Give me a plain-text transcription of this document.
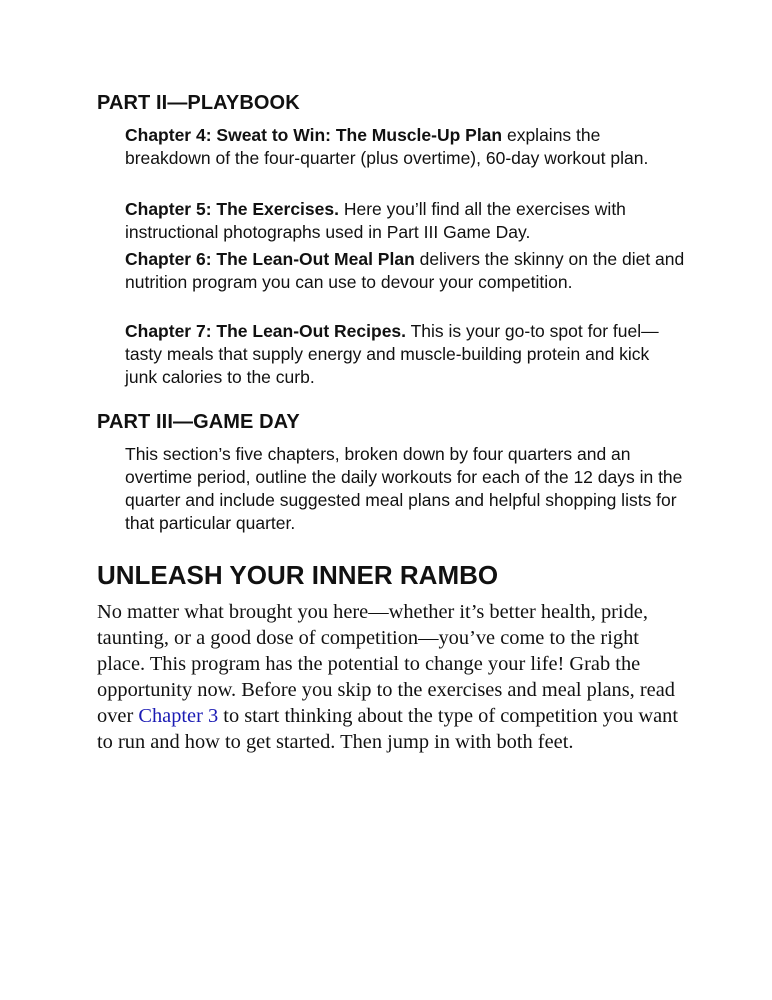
PART II—PLAYBOOK

Chapter 4: Sweat to Win: The Muscle-Up Plan explains the breakdown of the four-quarter (plus overtime), 60-day workout plan.

Chapter 5: The Exercises. Here you’ll find all the exercises with instructional photographs used in Part III Game Day.

Chapter 6: The Lean-Out Meal Plan delivers the skinny on the diet and nutrition program you can use to devour your competition.

Chapter 7: The Lean-Out Recipes. This is your go-to spot for fuel—tasty meals that supply energy and muscle-building protein and kick junk calories to the curb.

PART III—GAME DAY

This section’s five chapters, broken down by four quarters and an overtime period, outline the daily workouts for each of the 12 days in the quarter and include suggested meal plans and helpful shopping lists for that particular quarter.

UNLEASH YOUR INNER RAMBO

No matter what brought you here—whether it’s better health, pride, taunting, or a good dose of competition—you’ve come to the right place. This program has the potential to change your life! Grab the opportunity now. Before you skip to the exercises and meal plans, read over Chapter 3 to start thinking about the type of competition you want to run and how to get started. Then jump in with both feet.
